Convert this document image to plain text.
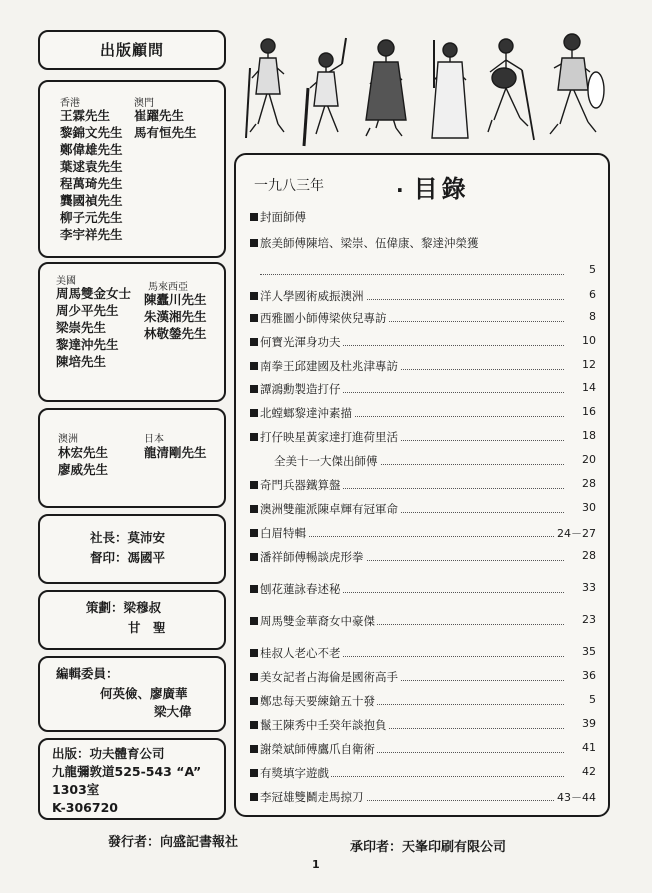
出版顧問
香港
王霖先生
黎錦文先生
鄭偉雄先生
葉逑袁先生
程萬琦先生
龔國禎先生
柳子元先生
李宇祥先生
澳門
崔躍先生
馬有恒先生
美國
周馬雙金女士
周少平先生
梁崇先生
黎達沖先生
陳培先生
馬來西亞
陳蠹川先生
朱漢湘先生
林敬鎣先生
澳洲
林宏先生
廖威先生
日本
龍清剛先生
社長：莫沛安
督印：馮國平
策劃：梁穆叔
甘　聖
編輯委員：
何英儉、廖廣華
梁大偉
出版：功夫體育公司
九龍彌敦道525-543 “A”
1303室
K-306720
一九八三年	· 目錄
封面師傅
旅美師傅陳培、梁崇、伍偉康、黎達沖榮獲
5
洋人學國術威振澳洲	6
西雅圖小師傅梁俠兒專訪	8
何寶光渾身功夫	10
南拳王邱建國及杜兆津專訪	12
譚鴻勳製造打仔	14
北螳螂黎達沖素描	16
打仔映星黃家達打進荷里活	18
全美十一大傑出師傅	20
奇門兵器鐵算盤	28
澳洲雙龍派陳卓輝有冠軍命	30
白眉特輯	24－27
潘祥師傅暢談虎形拳	28
刨花蓮詠春述秘	33
周馬雙金華裔女中豪傑	23
桂叔人老心不老	35
美女記者占海倫是國術高手	36
鄭忠每天要練鎗五十發	5
鬣王陳秀中壬癸年談抱負	39
謝榮斌師傅鷹爪自衛術	41
有獎填字遊戲	42
李冠雄雙鬭走馬掠刀	43－44
發行者：向盛記書報社	承印者：天峯印刷有限公司
1
